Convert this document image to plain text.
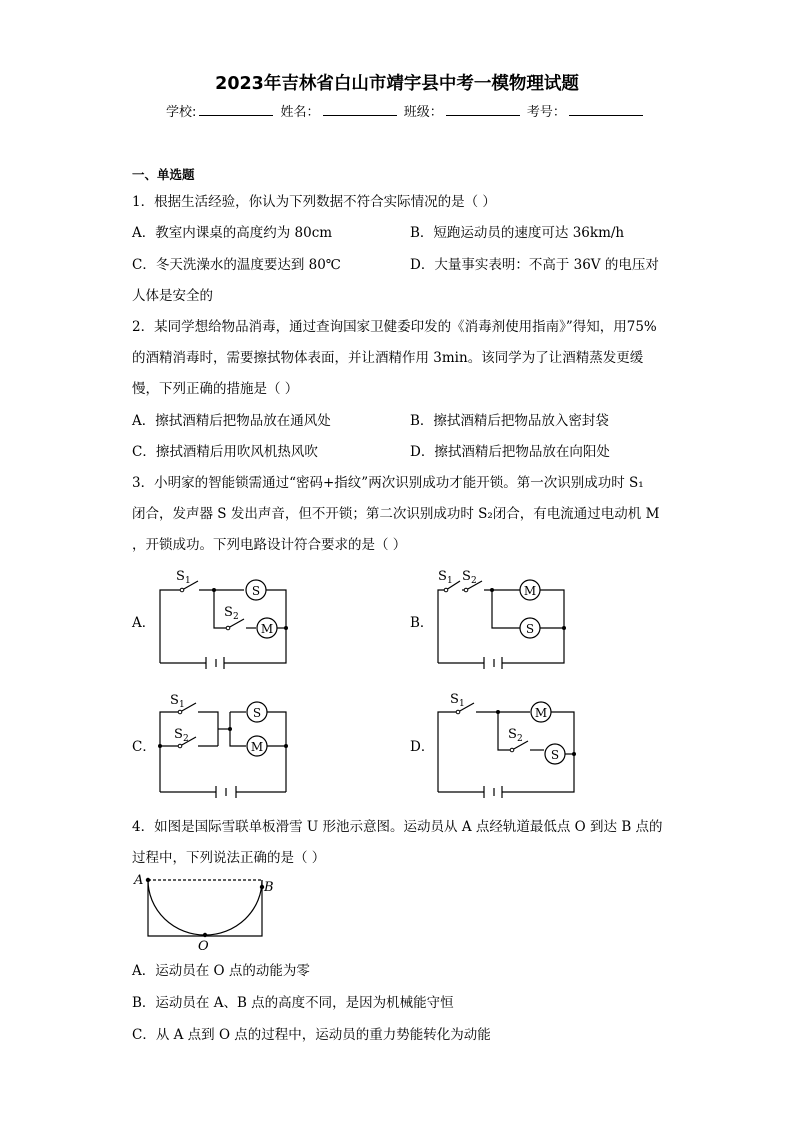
2023年吉林省白山市靖宇县中考一模物理试题
学校:	姓名：	班级：	考号：
一、单选题
1．根据生活经验，你认为下列数据不符合实际情况的是（ ）
A．教室内课桌的高度约为 80cm	B．短跑运动员的速度可达 36km/h
C．冬天洗澡水的温度要达到 80℃	D．大量事实表明：不高于 36V 的电压对
人体是安全的
2．某同学想给物品消毒，通过查询国家卫健委印发的《消毒剂使用指南》”得知，用75%
的酒精消毒时，需要擦拭物体表面，并让酒精作用 3min。该同学为了让酒精蒸发更缓
慢，下列正确的措施是（ ）
A．擦拭酒精后把物品放在通风处	B．擦拭酒精后把物品放入密封袋
C．擦拭酒精后用吹风机热风吹	D．擦拭酒精后把物品放在向阳处
3．小明家的智能锁需通过“密码+指纹”两次识别成功才能开锁。第一次识别成功时 S₁
闭合，发声器 S 发出声音，但不开锁；第二次识别成功时 S₂闭合，有电流通过电动机 M
，开锁成功。下列电路设计符合要求的是（ ）
A．	B．
C．	D．
S 1
S 2
S
M
S 1 S 2
M
S
S 1
S 2
S
M
S 1
S 2
M
S
4．如图是国际雪联单板滑雪 U 形池示意图。运动员从 A 点经轨道最低点 O 到达 B 点的
过程中，下列说法正确的是（ ）
A	B
O
A．运动员在 O 点的动能为零
B．运动员在 A、B 点的高度不同，是因为机械能守恒
C．从 A 点到 O 点的过程中，运动员的重力势能转化为动能
